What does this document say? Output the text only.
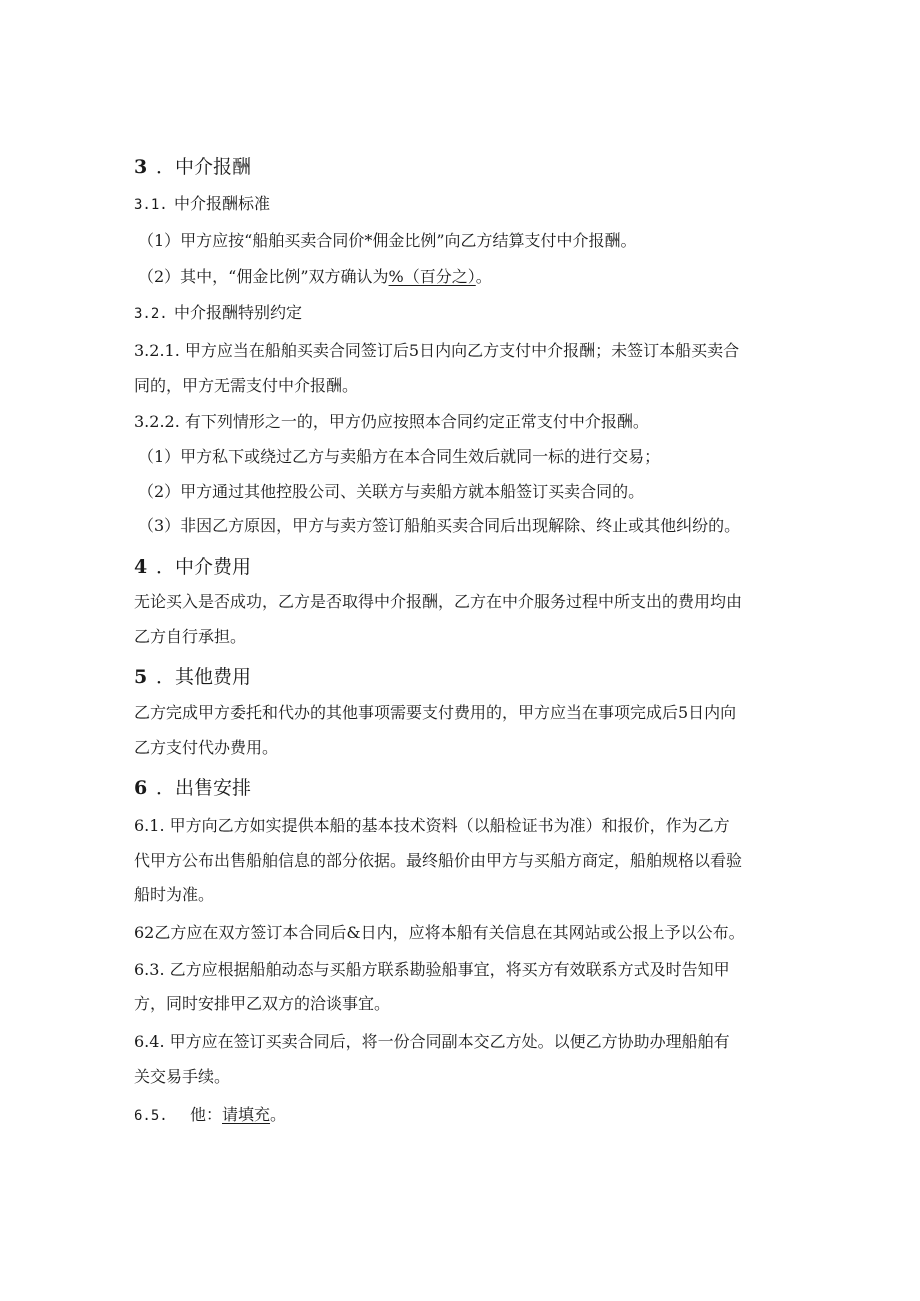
3 ．中介报酬
3.1. 中介报酬标准
（1）甲方应按“船舶买卖合同价*佣金比例”向乙方结算支付中介报酬。
（2）其中，“佣金比例”双方确认为%（百分之）。
3.2. 中介报酬特别约定
3.2.1. 甲方应当在船舶买卖合同签订后5日内向乙方支付中介报酬；未签订本船买卖合
同的，甲方无需支付中介报酬。
3.2.2. 有下列情形之一的，甲方仍应按照本合同约定正常支付中介报酬。
（1）甲方私下或绕过乙方与卖船方在本合同生效后就同一标的进行交易；
（2）甲方通过其他控股公司、关联方与卖船方就本船签订买卖合同的。
（3）非因乙方原因，甲方与卖方签订船舶买卖合同后出现解除、终止或其他纠纷的。
4 ．中介费用
无论买入是否成功，乙方是否取得中介报酬，乙方在中介服务过程中所支出的费用均由
乙方自行承担。
5 ．其他费用
乙方完成甲方委托和代办的其他事项需要支付费用的，甲方应当在事项完成后5日内向
乙方支付代办费用。
6 ．出售安排
6.1. 甲方向乙方如实提供本船的基本技术资料（以船检证书为准）和报价，作为乙方
代甲方公布出售船舶信息的部分依据。最终船价由甲方与买船方商定，船舶规格以看验
船时为准。
62乙方应在双方签订本合同后&日内，应将本船有关信息在其网站或公报上予以公布。
6.3. 乙方应根据船舶动态与买船方联系勘验船事宜，将买方有效联系方式及时告知甲
方，同时安排甲乙双方的洽谈事宜。
6.4. 甲方应在签订买卖合同后，将一份合同副本交乙方处。以便乙方协助办理船舶有
关交易手续。
6.5. 他：请填充。
